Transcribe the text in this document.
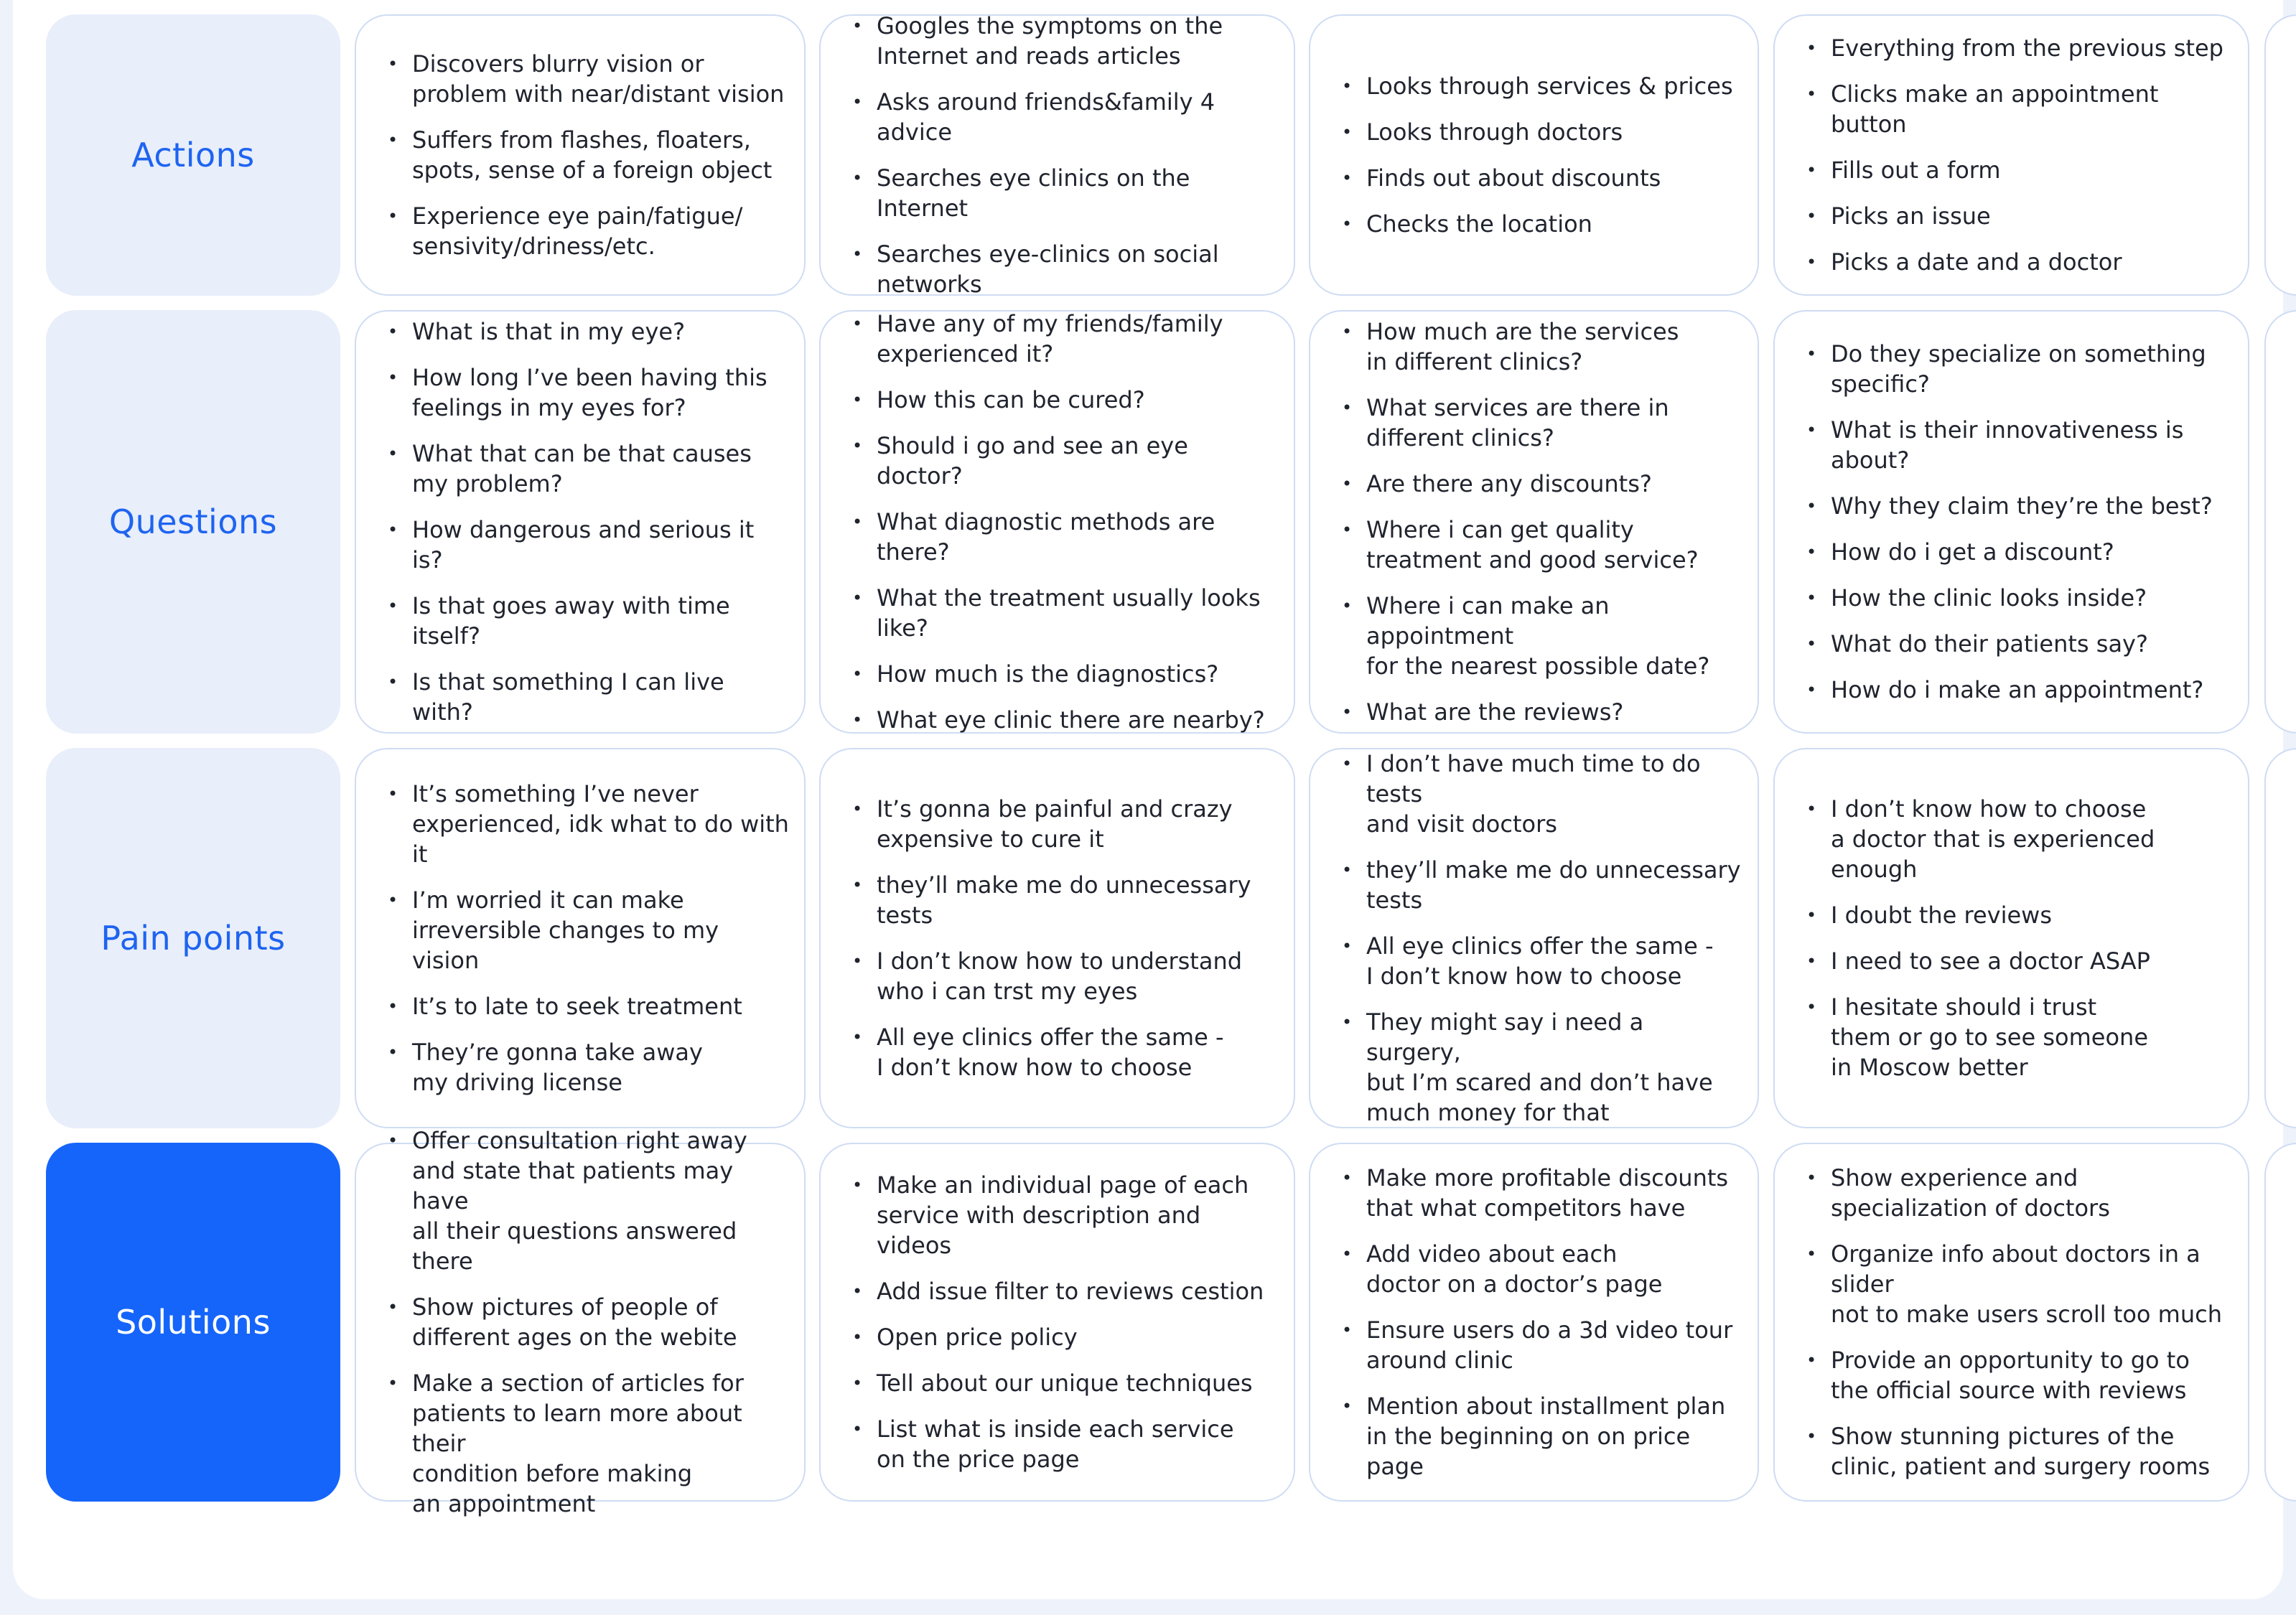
Actions
• Discovers blurry vision or
problem with near/distant vision
• Suffers from flashes, floaters,
spots, sense of a foreign object
• Experience eye pain/fatigue/
sensivity/driness/etc.
• Googles the symptoms on the
Internet and reads articles
• Asks around friends&family 4 advice
• Searches eye clinics on the Internet
• Searches eye-clinics on social
networks
• Looks through services & prices
• Looks through doctors
• Finds out about discounts
• Checks the location
• Everything from the previous step
• Clicks make an appointment button
• Fills out a form
• Picks an issue
• Picks a date and a doctor
Questions
• What is that in my eye?
• How long I’ve been having this
feelings in my eyes for?
• What that can be that causes
my problem?
• How dangerous and serious it is?
• Is that goes away with time itself?
• Is that something I can live with?
• Have any of my friends/family
experienced it?
• How this can be cured?
• Should i go and see an eye doctor?
• What diagnostic methods are there?
• What the treatment usually looks
like?
• How much is the diagnostics?
• What eye clinic there are nearby?
• How much are the services
in different clinics?
• What services are there in
different clinics?
• Are there any discounts?
• Where i can get quality
treatment and good service?
• Where i can make an appointment
for the nearest possible date?
• What are the reviews?
• Do they specialize on something
specific?
• What is their innovativeness is about?
• Why they claim they’re the best?
• How do i get a discount?
• How the clinic looks inside?
• What do their patients say?
• How do i make an appointment?
Pain points
• It’s something I’ve never
experienced, idk what to do with it
• I’m worried it can make
irreversible changes to my vision
• It’s to late to seek treatment
• They’re gonna take away
my driving license
• It’s gonna be painful and crazy
expensive to cure it
• they’ll make me do unnecessary tests
• I don’t know how to understand
who i can trst my eyes
• All eye clinics offer the same -
I don’t know how to choose
• I don’t have much time to do tests
and visit doctors
• they’ll make me do unnecessary
tests
• All eye clinics offer the same -
I don’t know how to choose
• They might say i need a surgery,
but I’m scared and don’t have
much money for that
• I don’t know how to choose
a doctor that is experienced enough
• I doubt the reviews
• I need to see a doctor ASAP
• I hesitate should i trust
them or go to see someone
in Moscow better
Solutions
• Offer consultation right away
and state that patients may have
all their questions answered there
• Show pictures of people of
different ages on the webite
• Make a section of articles for
patients to learn more about their
condition before making
an appointment
• Make an individual page of each
service with description and videos
• Add issue filter to reviews cestion
• Open price policy
• Tell about our unique techniques
• List what is inside each service
on the price page
• Make more profitable discounts
that what competitors have
• Add video about each
doctor on a doctor’s page
• Ensure users do a 3d video tour
around clinic
• Mention about installment plan
in the beginning on on price page
• Show experience and
specialization of doctors
• Organize info about doctors in a slider
not to make users scroll too much
• Provide an opportunity to go to
the official source with reviews
• Show stunning pictures of the
clinic, patient and surgery rooms
